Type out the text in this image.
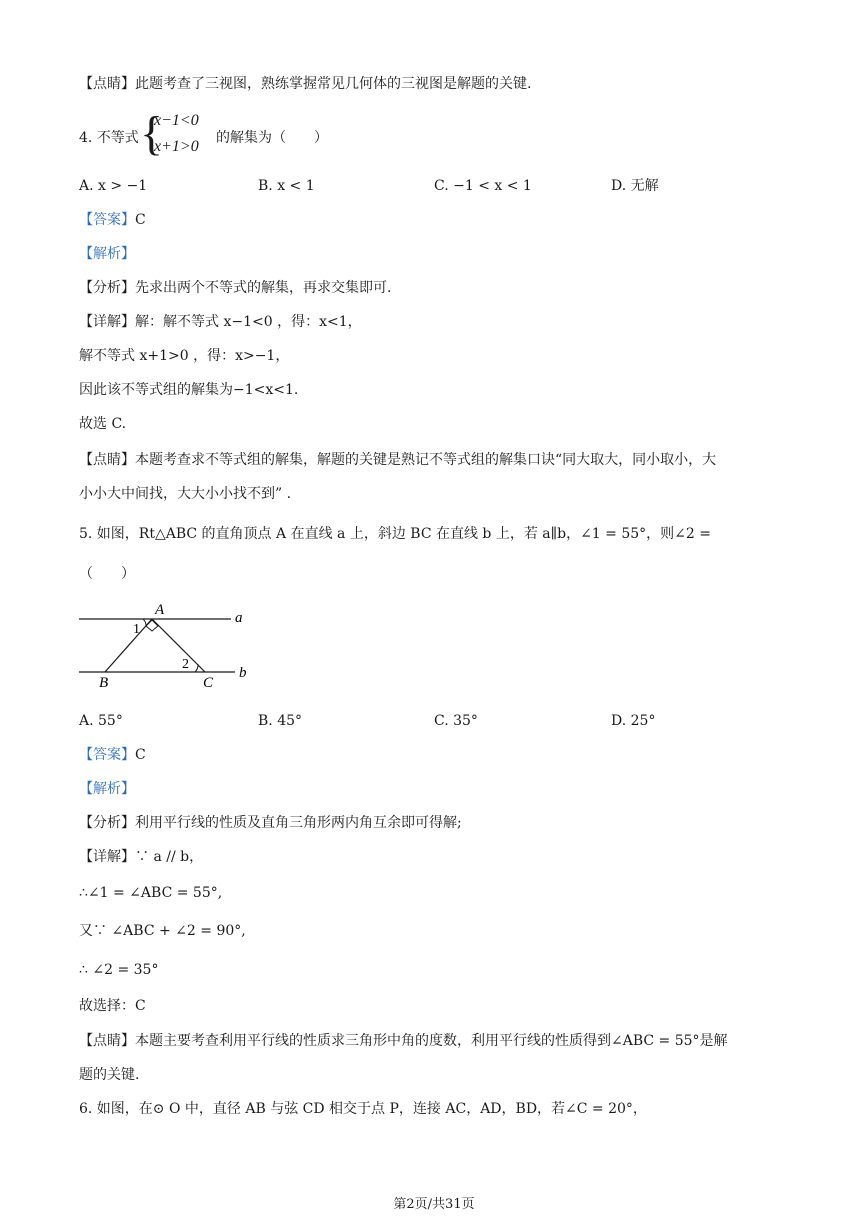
【点睛】此题考查了三视图，熟练掌握常见几何体的三视图是解题的关键.
4. 不等式 {
x−1<0
x+1>0 的解集为（　　）
A. x > −1	B. x < 1	C. −1 < x < 1	D. 无解
【答案】C
【解析】
【分析】先求出两个不等式的解集，再求交集即可.
【详解】解：解不等式 x−1<0 ，得：x<1，
解不等式 x+1>0 ，得：x>−1，
因此该不等式组的解集为−1<x<1.
故选 C.
【点睛】本题考查求不等式组的解集，解题的关键是熟记不等式组的解集口诀“同大取大，同小取小，大
小小大中间找，大大小小找不到” .
5. 如图，Rt△ABC 的直角顶点 A 在直线 a 上，斜边 BC 在直线 b 上，若 a∥b，∠1 = 55°，则∠2 =
（　　）
A
B	C
a
b
1
2
A. 55°	B. 45°	C. 35°	D. 25°
【答案】C
【解析】
【分析】利用平行线的性质及直角三角形两内角互余即可得解;
【详解】∵ a // b，
∴∠1 = ∠ABC = 55°,
又∵ ∠ABC + ∠2 = 90°,
∴ ∠2 = 35°
故选择：C
【点睛】本题主要考查利用平行线的性质求三角形中角的度数，利用平行线的性质得到∠ABC = 55°是解
题的关键.
6. 如图，在⊙ O 中，直径 AB 与弦 CD 相交于点 P，连接 AC，AD，BD，若∠C = 20°，
第2页/共31页
